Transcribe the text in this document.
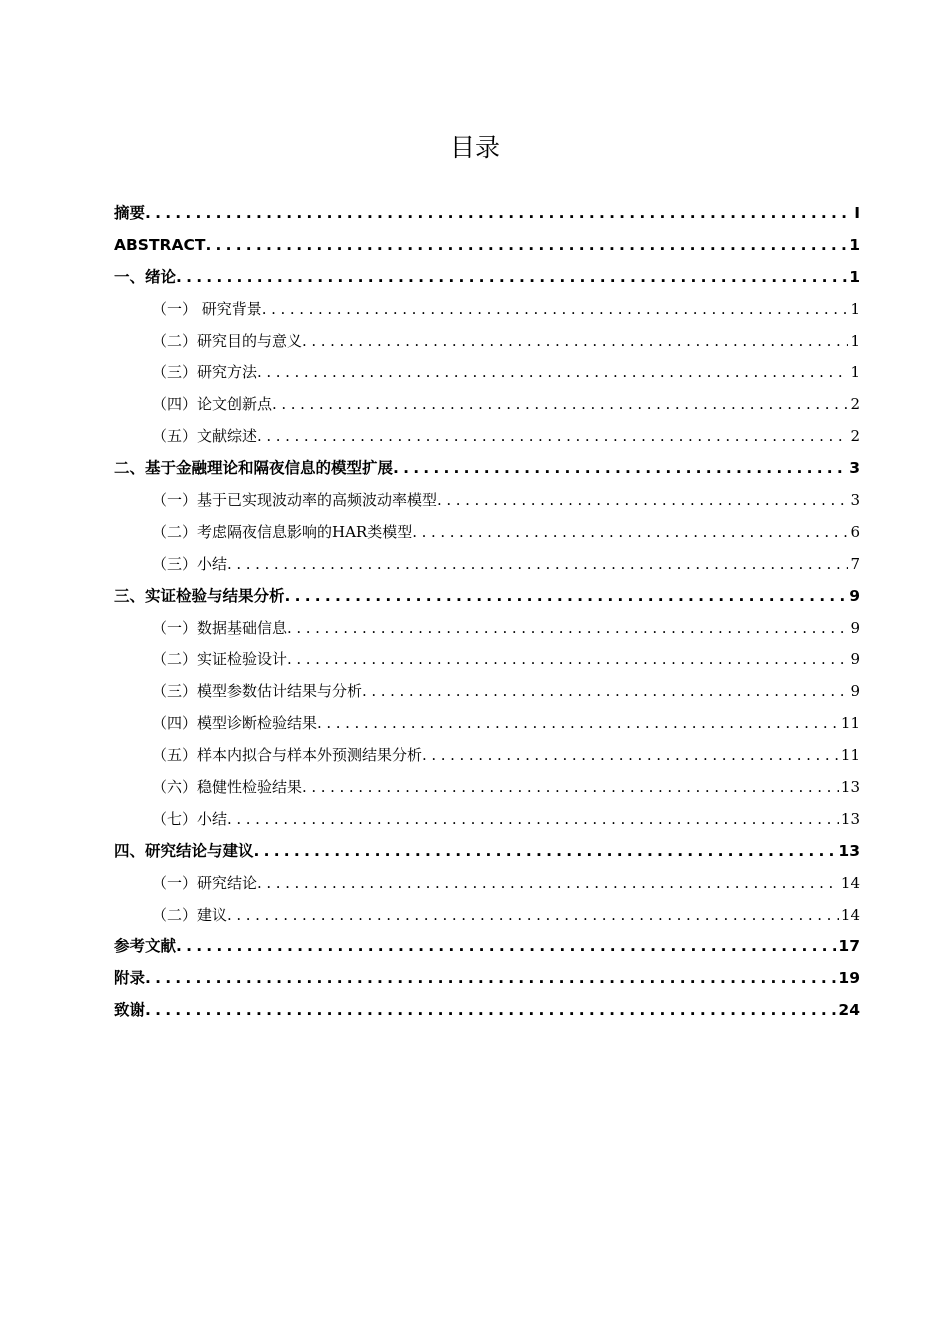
目录
摘要 .....	I
ABSTRACT .....	1
一、绪论 .....	1
（一） 研究背景 .....	1
（二）研究目的与意义 .....	1
（三）研究方法 .....	1
（四）论文创新点 .....	2
（五）文献综述 .....	2
二、基于金融理论和隔夜信息的模型扩展 .....	3
（一）基于已实现波动率的高频波动率模型 .....	3
（二）考虑隔夜信息影响的HAR类模型 .....	6
（三）小结 .....	7
三、实证检验与结果分析 .....	9
（一）数据基础信息 .....	9
（二）实证检验设计 .....	9
（三）模型参数估计结果与分析 .....	9
（四）模型诊断检验结果 .....	11
（五）样本内拟合与样本外预测结果分析 .....	11
（六）稳健性检验结果 .....	13
（七）小结 .....	13
四、研究结论与建议 .....	13
（一）研究结论 .....	14
（二）建议 .....	14
参考文献 .....	17
附录 .....	19
致谢 .....	24
